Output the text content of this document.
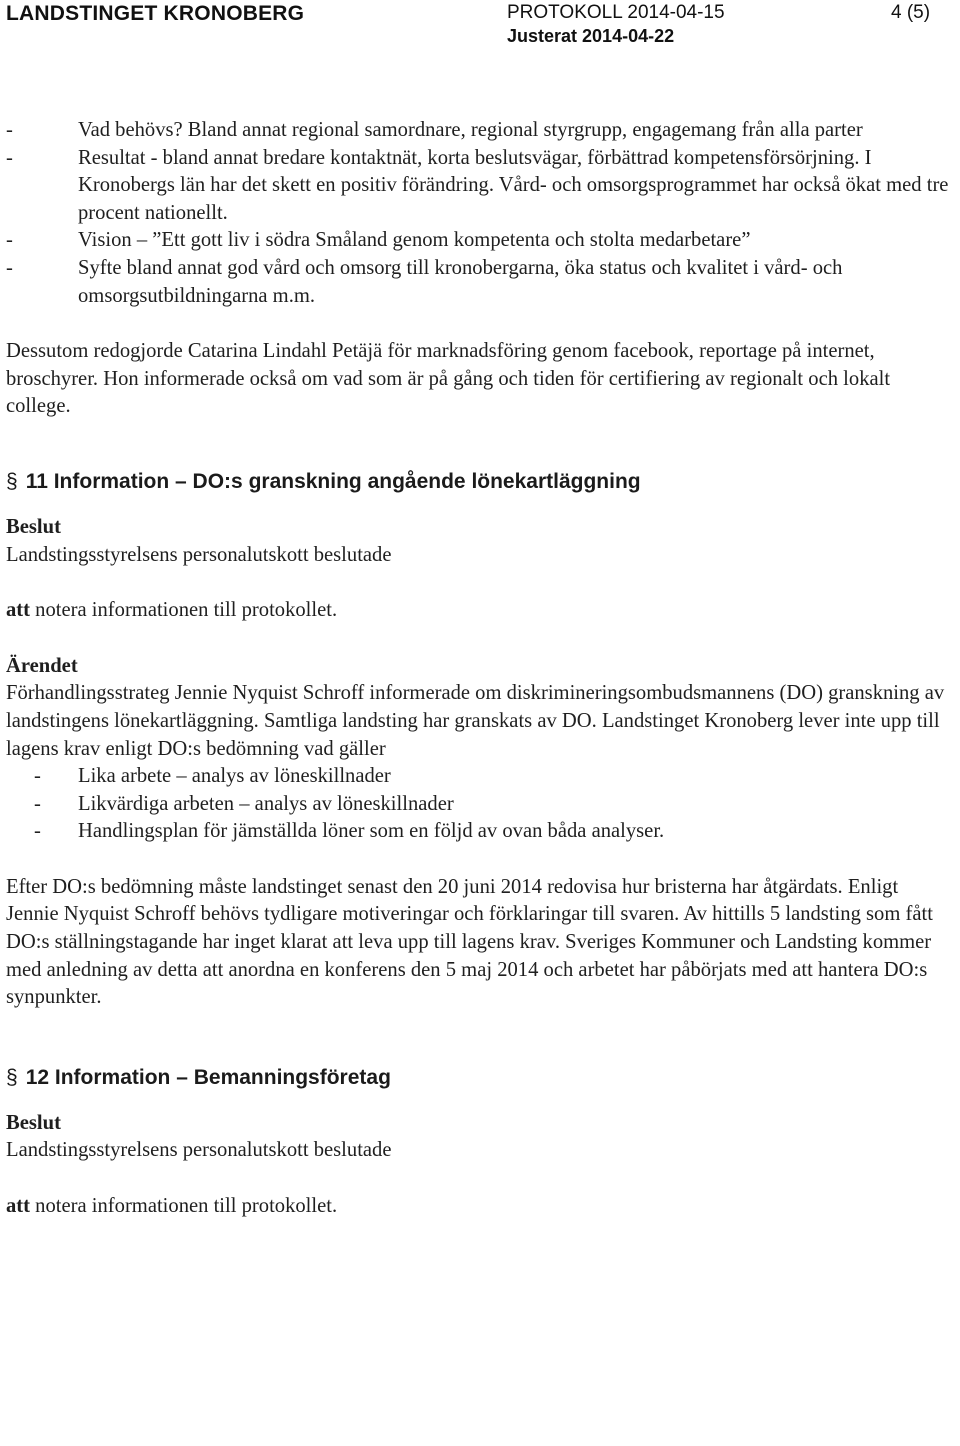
LANDSTINGET KRONOBERG	PROTOKOLL 2014-04-15	4 (5)
Justerat 2014-04-22
-	Vad behövs? Bland annat regional samordnare, regional styrgrupp, engagemang från alla parter
-	Resultat - bland annat bredare kontaktnät, korta beslutsvägar, förbättrad kompetensförsörjning. I Kronobergs län har det skett en positiv förändring. Vård- och omsorgsprogrammet har också ökat med tre procent nationellt.
-	Vision – ”Ett gott liv i södra Småland genom kompetenta och stolta medarbetare”
-	Syfte bland annat god vård och omsorg till kronobergarna, öka status och kvalitet i vård- och omsorgsutbildningarna m.m.

Dessutom redogjorde Catarina Lindahl Petäjä för marknadsföring genom facebook, reportage på internet, broschyrer. Hon informerade också om vad som är på gång och tiden för certifiering av regionalt och lokalt college.

§ 11 Information – DO:s granskning angående lönekartläggning

Beslut

Landstingsstyrelsens personalutskott beslutade

att notera informationen till protokollet.

Ärendet

Förhandlingsstrateg Jennie Nyquist Schroff informerade om diskrimineringsombudsmannens (DO) granskning av landstingens lönekartläggning. Samtliga landsting har granskats av DO. Landstinget Kronoberg lever inte upp till lagens krav enligt DO:s bedömning vad gäller

-	Lika arbete – analys av löneskillnader
-	Likvärdiga arbeten – analys av löneskillnader
-	Handlingsplan för jämställda löner som en följd av ovan båda analyser.

Efter DO:s bedömning måste landstinget senast den 20 juni 2014 redovisa hur bristerna har åtgärdats. Enligt Jennie Nyquist Schroff behövs tydligare motiveringar och förklaringar till svaren. Av hittills 5 landsting som fått DO:s ställningstagande har inget klarat att leva upp till lagens krav. Sveriges Kommuner och Landsting kommer med anledning av detta att anordna en konferens den 5 maj 2014 och arbetet har påbörjats med att hantera DO:s synpunkter.

§ 12 Information – Bemanningsföretag

Beslut

Landstingsstyrelsens personalutskott beslutade

att notera informationen till protokollet.
